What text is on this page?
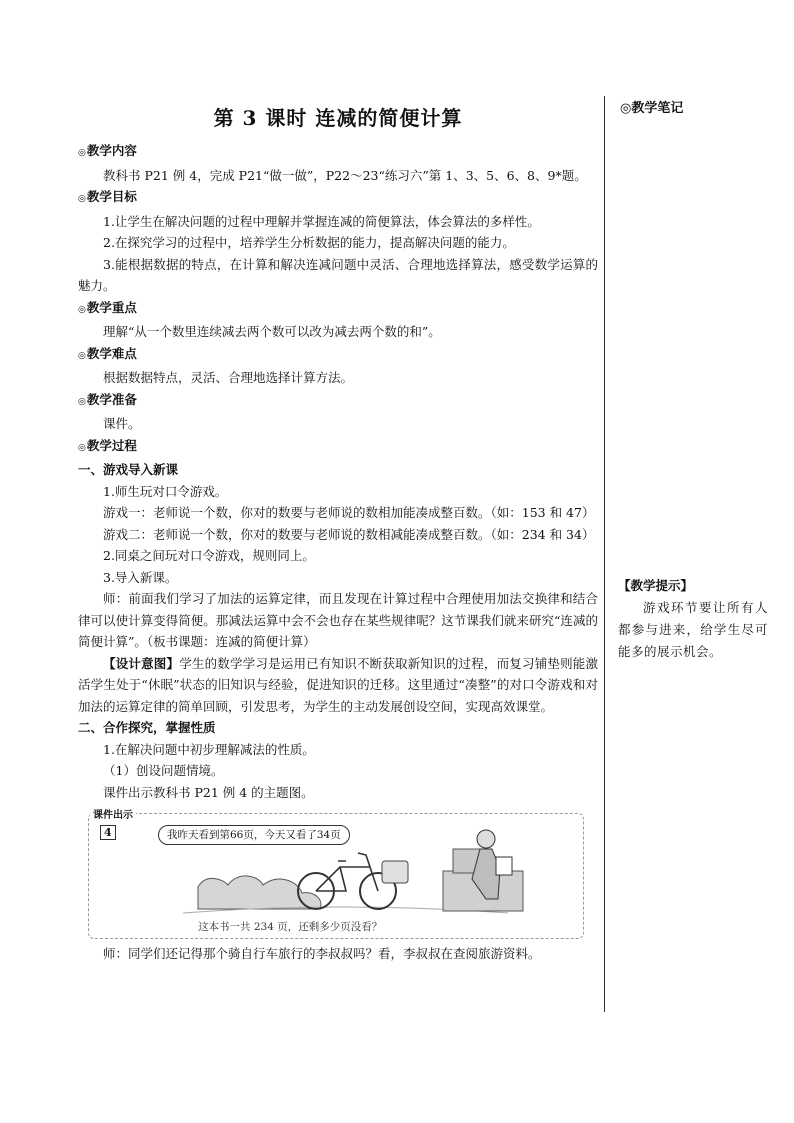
◎教学笔记
第 3 课时 连减的简便计算
◎教学内容

教科书 P21 例 4，完成 P21“做一做”，P22～23“练习六”第 1、3、5、6、8、9*题。

◎教学目标

1.让学生在解决问题的过程中理解并掌握连减的简便算法，体会算法的多样性。

2.在探究学习的过程中，培养学生分析数据的能力，提高解决问题的能力。

3.能根据数据的特点，在计算和解决连减问题中灵活、合理地选择算法，感受数学运算的魅力。

◎教学重点

理解“从一个数里连续减去两个数可以改为减去两个数的和”。

◎教学难点

根据数据特点，灵活、合理地选择计算方法。

◎教学准备

课件。

◎教学过程
一、游戏导入新课

1.师生玩对口令游戏。

游戏一：老师说一个数，你对的数要与老师说的数相加能凑成整百数。（如：153 和 47）

游戏二：老师说一个数，你对的数要与老师说的数相减能凑成整百数。（如：234 和 34）

2.同桌之间玩对口令游戏，规则同上。

3.导入新课。

师：前面我们学习了加法的运算定律，而且发现在计算过程中合理使用加法交换律和结合律可以使计算变得简便。那减法运算中会不会也存在某些规律呢？这节课我们就来研究“连减的简便计算”。（板书课题：连减的简便计算）

【设计意图】学生的数学学习是运用已有知识不断获取新知识的过程，而复习铺垫则能激活学生处于“休眠”状态的旧知识与经验，促进知识的迁移。这里通过“凑整”的对口令游戏和对加法的运算定律的简单回顾，引发思考，为学生的主动发展创设空间，实现高效课堂。

二、合作探究，掌握性质

1.在解决问题中初步理解减法的性质。

（1）创设问题情境。

课件出示教科书 P21 例 4 的主题图。

课件出示
4	我昨天看到第66页，今天又看了34页
这本书一共 234 页，还剩多少页没看？

师：同学们还记得那个骑自行车旅行的李叔叔吗？看，李叔叔在查阅旅游资料。

【教学提示】

游戏环节要让所有人都参与进来，给学生尽可能多的展示机会。
